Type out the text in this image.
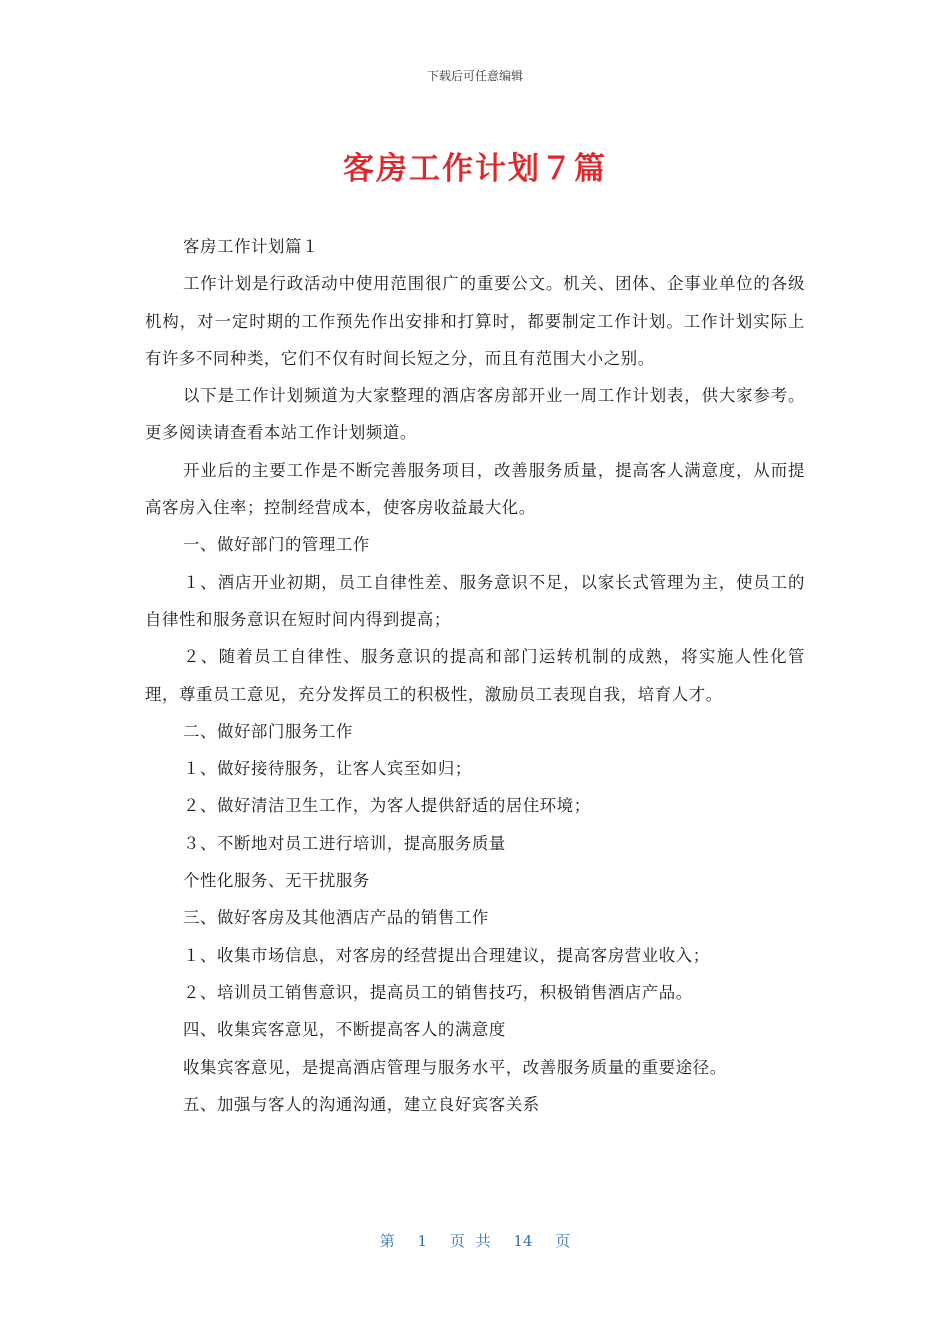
下载后可任意编辑
客房工作计划７篇

客房工作计划篇１

工作计划是行政活动中使用范围很广的重要公文。机关、团体、企事业单位的各级机构，对一定时期的工作预先作出安排和打算时，都要制定工作计划。工作计划实际上有许多不同种类，它们不仅有时间长短之分，而且有范围大小之别。

以下是工作计划频道为大家整理的酒店客房部开业一周工作计划表，供大家参考。更多阅读请查看本站工作计划频道。

开业后的主要工作是不断完善服务项目，改善服务质量，提高客人满意度，从而提高客房入住率；控制经营成本，使客房收益最大化。

一、做好部门的管理工作

１、酒店开业初期，员工自律性差、服务意识不足，以家长式管理为主，使员工的自律性和服务意识在短时间内得到提高；

２、随着员工自律性、服务意识的提高和部门运转机制的成熟，将实施人性化管理，尊重员工意见，充分发挥员工的积极性，激励员工表现自我，培育人才。

二、做好部门服务工作

１、做好接待服务，让客人宾至如归；

２、做好清洁卫生工作，为客人提供舒适的居住环境；

３、不断地对员工进行培训，提高服务质量

个性化服务、无干扰服务

三、做好客房及其他酒店产品的销售工作

１、收集市场信息，对客房的经营提出合理建议，提高客房营业收入；

２、培训员工销售意识，提高员工的销售技巧，积极销售酒店产品。

四、收集宾客意见，不断提高客人的满意度

收集宾客意见，是提高酒店管理与服务水平，改善服务质量的重要途径。

五、加强与客人的沟通沟通，建立良好宾客关系

第 1 页 共 14 页
